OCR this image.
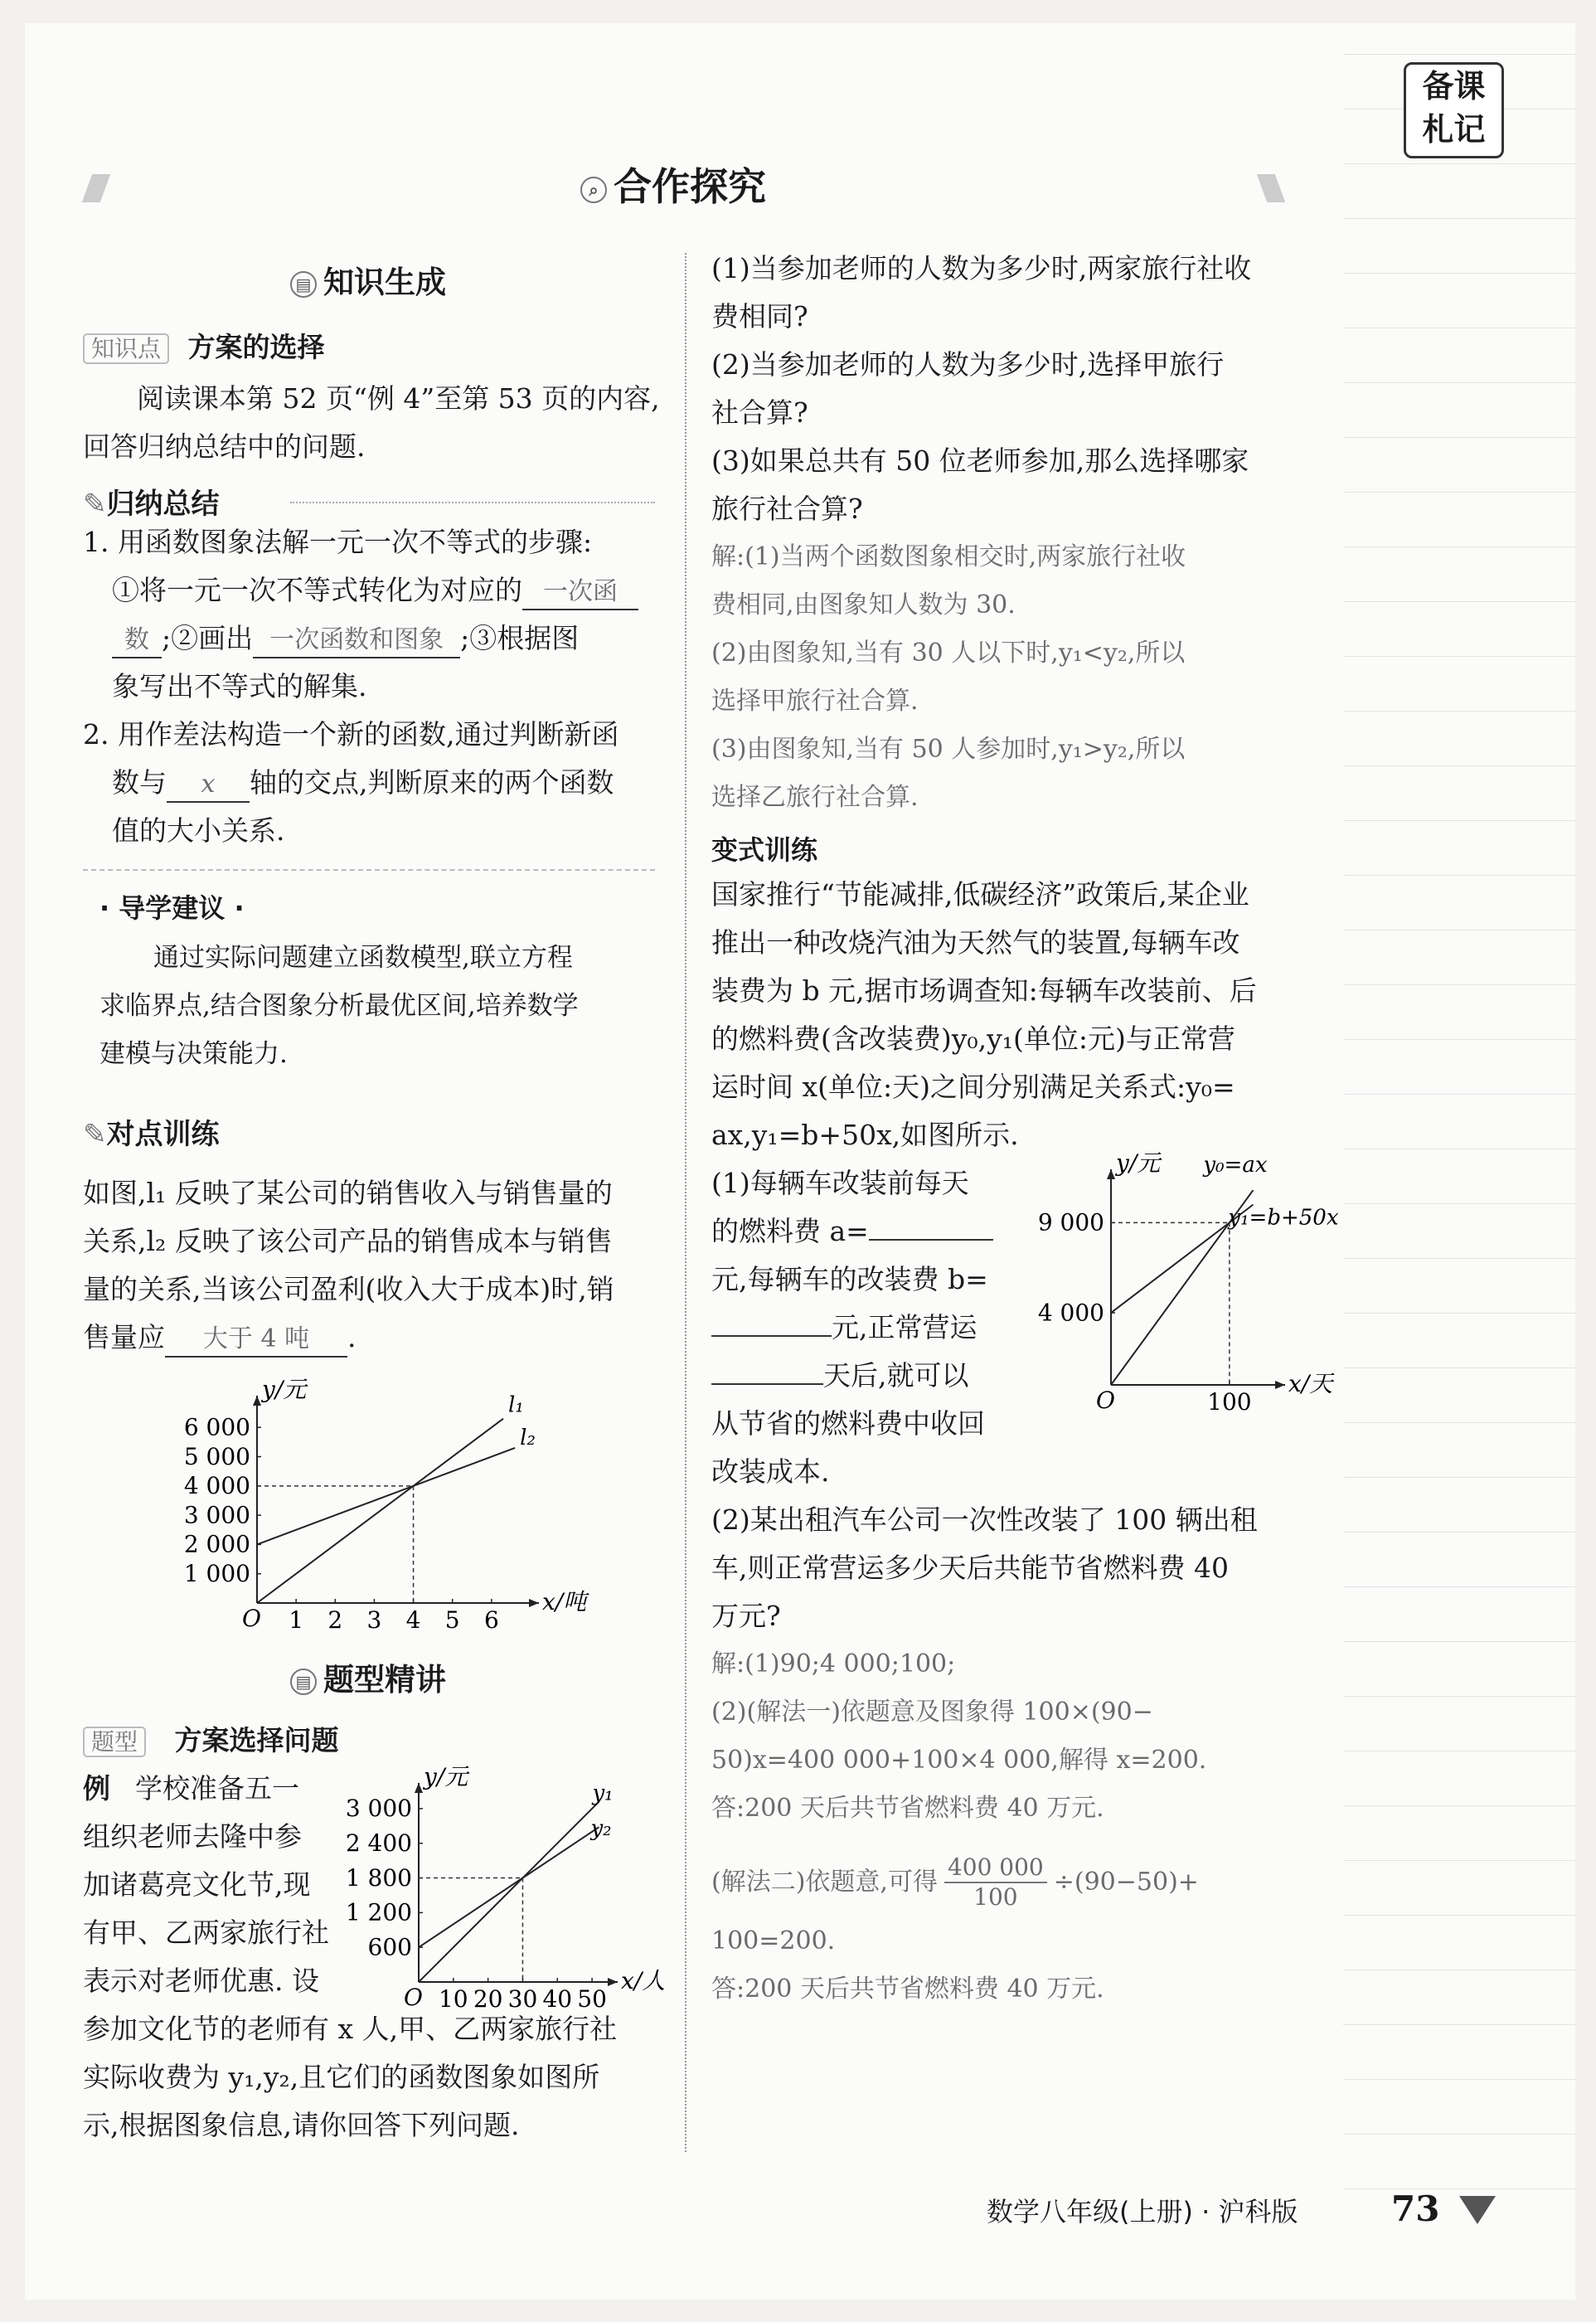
备课
札记
⌕ 合作探究
▤ 知识生成
知识点 方案的选择
阅读课本第 52 页“例 4”至第 53 页的内容,
回答归纳总结中的问题.
✎归纳总结
1. 用函数图象法解一元一次不等式的步骤:
①将一元一次不等式转化为对应的 一次函
数 ;②画出 一次函数和图象 ;③根据图
象写出不等式的解集.
2. 用作差法构造一个新的函数,通过判断新函
数与 x 轴的交点,判断原来的两个函数
值的大小关系.
· 导学建议 ·
通过实际问题建立函数模型,联立方程
求临界点,结合图象分析最优区间,培养数学
建模与决策能力.
✎对点训练
如图,l₁ 反映了某公司的销售收入与销售量的
关系,l₂ 反映了该公司产品的销售成本与销售
量的关系,当该公司盈利(收入大于成本)时,销
售量应 大于 4 吨 .
x/吨
y/元
O 1 2 3 4 5 6
1 000
2 000
3 000
4 000
5 000
6 000
l₁
l₂
▤ 题型精讲
题型 方案选择问题
例 学校准备五一
组织老师去隆中参
加诸葛亮文化节,现
有甲、乙两家旅行社
表示对老师优惠. 设
参加文化节的老师有 x 人,甲、乙两家旅行社
实际收费为 y₁,y₂,且它们的函数图象如图所
示,根据图象信息,请你回答下列问题.
x/人
y/元
O 10 20 30 40 50
600
1 200
1 800
2 400
3 000
y₁
y₂
(1)当参加老师的人数为多少时,两家旅行社收
费相同?
(2)当参加老师的人数为多少时,选择甲旅行
社合算?
(3)如果总共有 50 位老师参加,那么选择哪家
旅行社合算?
解:(1)当两个函数图象相交时,两家旅行社收
费相同,由图象知人数为 30.
(2)由图象知,当有 30 人以下时,y₁<y₂,所以
选择甲旅行社合算.
(3)由图象知,当有 50 人参加时,y₁>y₂,所以
选择乙旅行社合算.
变式训练
国家推行“节能减排,低碳经济”政策后,某企业
推出一种改烧汽油为天然气的装置,每辆车改
装费为 b 元,据市场调查知:每辆车改装前、后
的燃料费(含改装费)y₀,y₁(单位:元)与正常营
运时间 x(单位:天)之间分别满足关系式:y₀=
ax,y₁=b+50x,如图所示.
(1)每辆车改装前每天
的燃料费 a=
元,每辆车的改装费 b=
元,正常营运
天后,就可以
从节省的燃料费中收回
改装成本.
(2)某出租汽车公司一次性改装了 100 辆出租
车,则正常营运多少天后共能节省燃料费 40
万元?
x/天
y/元
O	100
4 000
9 000
y₀=ax
y₁=b+50x
解:(1)90;4 000;100;
(2)(解法一)依题意及图象得 100×(90−
50)x=400 000+100×4 000,解得 x=200.
答:200 天后共节省燃料费 40 万元.
(解法二)依题意,可得 $\frac{400 000}{100} \div(90-50)+$
100=200.
答:200 天后共节省燃料费 40 万元.
数学八年级(上册) · 沪科版	73
